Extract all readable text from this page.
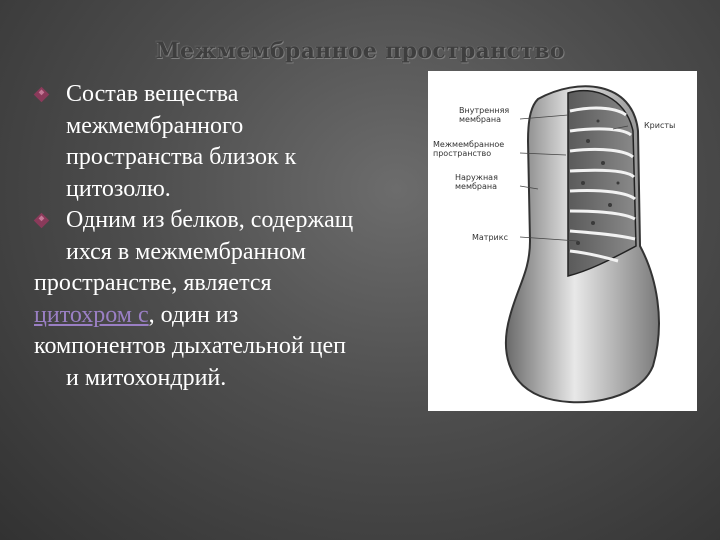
Межмембранное пространство
Состав вещества
межмембранного
пространства близок к
цитозолю.
Одним из белков, содержащ
ихся в межмембранном
пространстве, является
цитохром с, один из
компонентов дыхательной цеп
и митохондрий.
Внутренняя
мембрана
Кристы
Межмембранное
пространство
Наружная
мембрана
Матрикс
